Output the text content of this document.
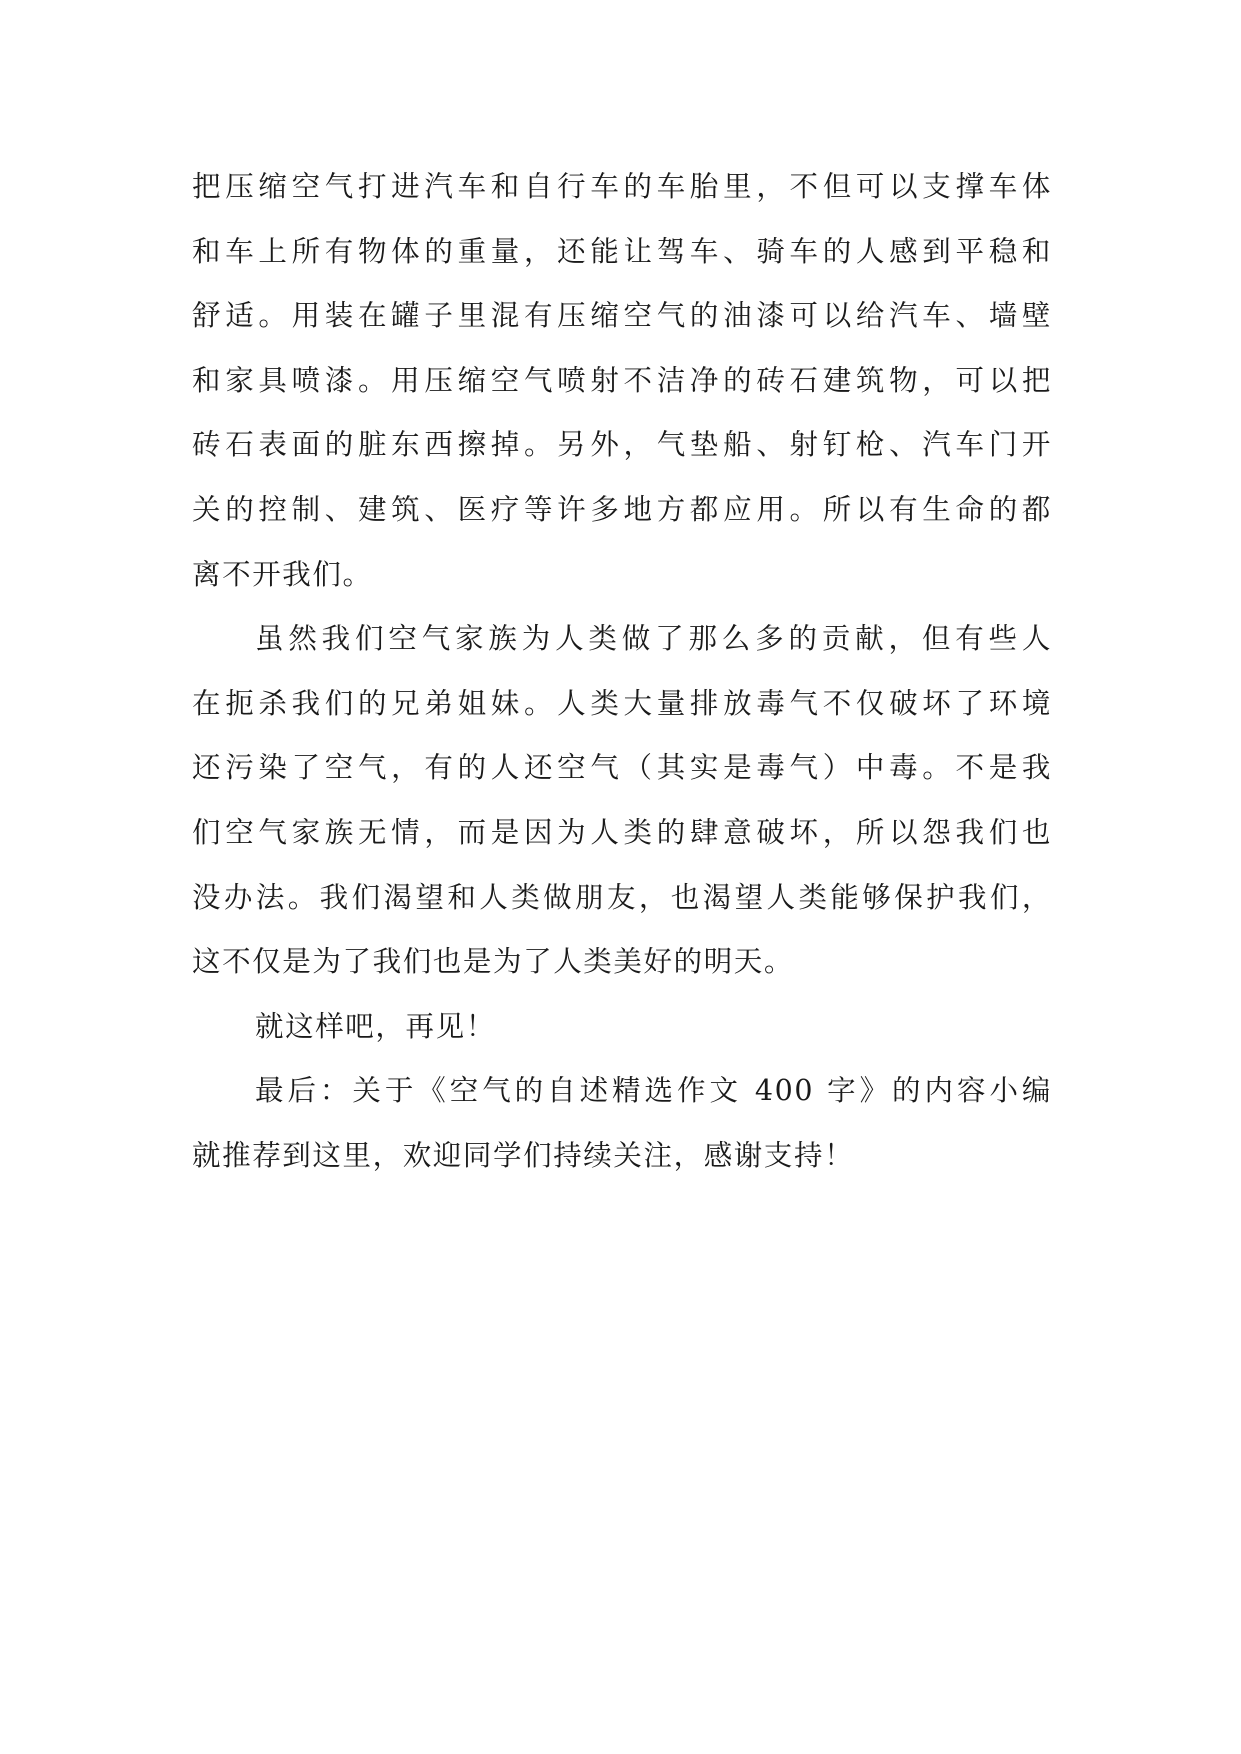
把压缩空气打进汽车和自行车的车胎里，不但可以支撑车体
和车上所有物体的重量，还能让驾车、骑车的人感到平稳和
舒适。用装在罐子里混有压缩空气的油漆可以给汽车、墙壁
和家具喷漆。用压缩空气喷射不洁净的砖石建筑物，可以把
砖石表面的脏东西擦掉。另外，气垫船、射钉枪、汽车门开
关的控制、建筑、医疗等许多地方都应用。所以有生命的都
离不开我们。
虽然我们空气家族为人类做了那么多的贡献，但有些人
在扼杀我们的兄弟姐妹。人类大量排放毒气不仅破坏了环境
还污染了空气，有的人还空气（其实是毒气）中毒。不是我
们空气家族无情，而是因为人类的肆意破坏，所以怨我们也
没办法。我们渴望和人类做朋友，也渴望人类能够保护我们，
这不仅是为了我们也是为了人类美好的明天。
就这样吧，再见！
最后：关于《空气的自述精选作文 400 字》的内容小编
就推荐到这里，欢迎同学们持续关注，感谢支持！
